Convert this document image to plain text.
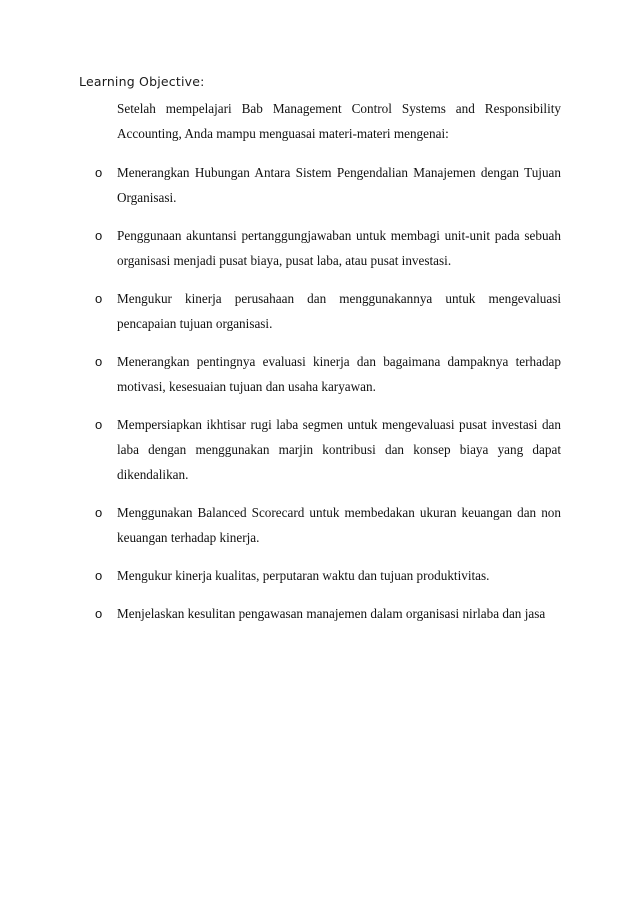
Learning Objective:

Setelah mempelajari Bab Management Control Systems and Responsibility Accounting, Anda mampu menguasai materi-materi mengenai:

o Menerangkan Hubungan Antara Sistem Pengendalian Manajemen dengan Tujuan Organisasi.
o Penggunaan akuntansi pertanggungjawaban untuk membagi unit-unit pada sebuah organisasi menjadi pusat biaya, pusat laba, atau pusat investasi.
o Mengukur kinerja perusahaan dan menggunakannya untuk mengevaluasi pencapaian tujuan organisasi.
o Menerangkan pentingnya evaluasi kinerja dan bagaimana dampaknya terhadap motivasi, kesesuaian tujuan dan usaha karyawan.
o Mempersiapkan ikhtisar rugi laba segmen untuk mengevaluasi pusat investasi dan laba dengan menggunakan marjin kontribusi dan konsep biaya yang dapat dikendalikan.
o Menggunakan Balanced Scorecard untuk membedakan ukuran keuangan dan non keuangan terhadap kinerja.
o Mengukur kinerja kualitas, perputaran waktu dan tujuan produktivitas.
o Menjelaskan kesulitan pengawasan manajemen dalam organisasi nirlaba dan jasa
